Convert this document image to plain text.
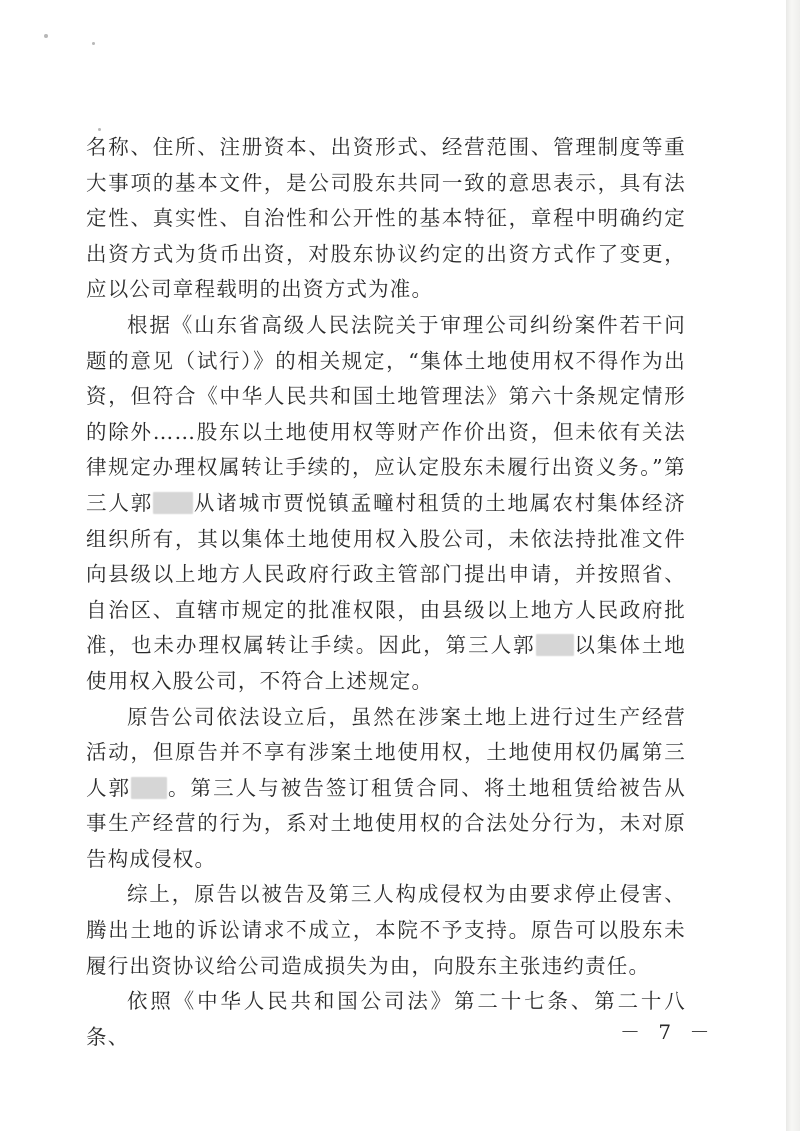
名称、住所、注册资本、出资形式、经营范围、管理制度等重大事项的基本文件，是公司股东共同一致的意思表示，具有法定性、真实性、自治性和公开性的基本特征，章程中明确约定出资方式为货币出资，对股东协议约定的出资方式作了变更，应以公司章程载明的出资方式为准。

根据《山东省高级人民法院关于审理公司纠纷案件若干问题的意见（试行）》的相关规定，“集体土地使用权不得作为出资，但符合《中华人民共和国土地管理法》第六十条规定情形的除外……股东以土地使用权等财产作价出资，但未依有关法律规定办理权属转让手续的，应认定股东未履行出资义务。”第三人郭 从诸城市贾悦镇孟疃村租赁的土地属农村集体经济组织所有，其以集体土地使用权入股公司，未依法持批准文件向县级以上地方人民政府行政主管部门提出申请，并按照省、自治区、直辖市规定的批准权限，由县级以上地方人民政府批准，也未办理权属转让手续。因此，第三人郭 以集体土地使用权入股公司，不符合上述规定。

原告公司依法设立后，虽然在涉案土地上进行过生产经营活动，但原告并不享有涉案土地使用权，土地使用权仍属第三人郭 。第三人与被告签订租赁合同、将土地租赁给被告从事生产经营的行为，系对土地使用权的合法处分行为，未对原告构成侵权。

综上，原告以被告及第三人构成侵权为由要求停止侵害、腾出土地的诉讼请求不成立，本院不予支持。原告可以股东未履行出资协议给公司造成损失为由，向股东主张违约责任。

依照《中华人民共和国公司法》第二十七条、第二十八条、	－ 7 －
